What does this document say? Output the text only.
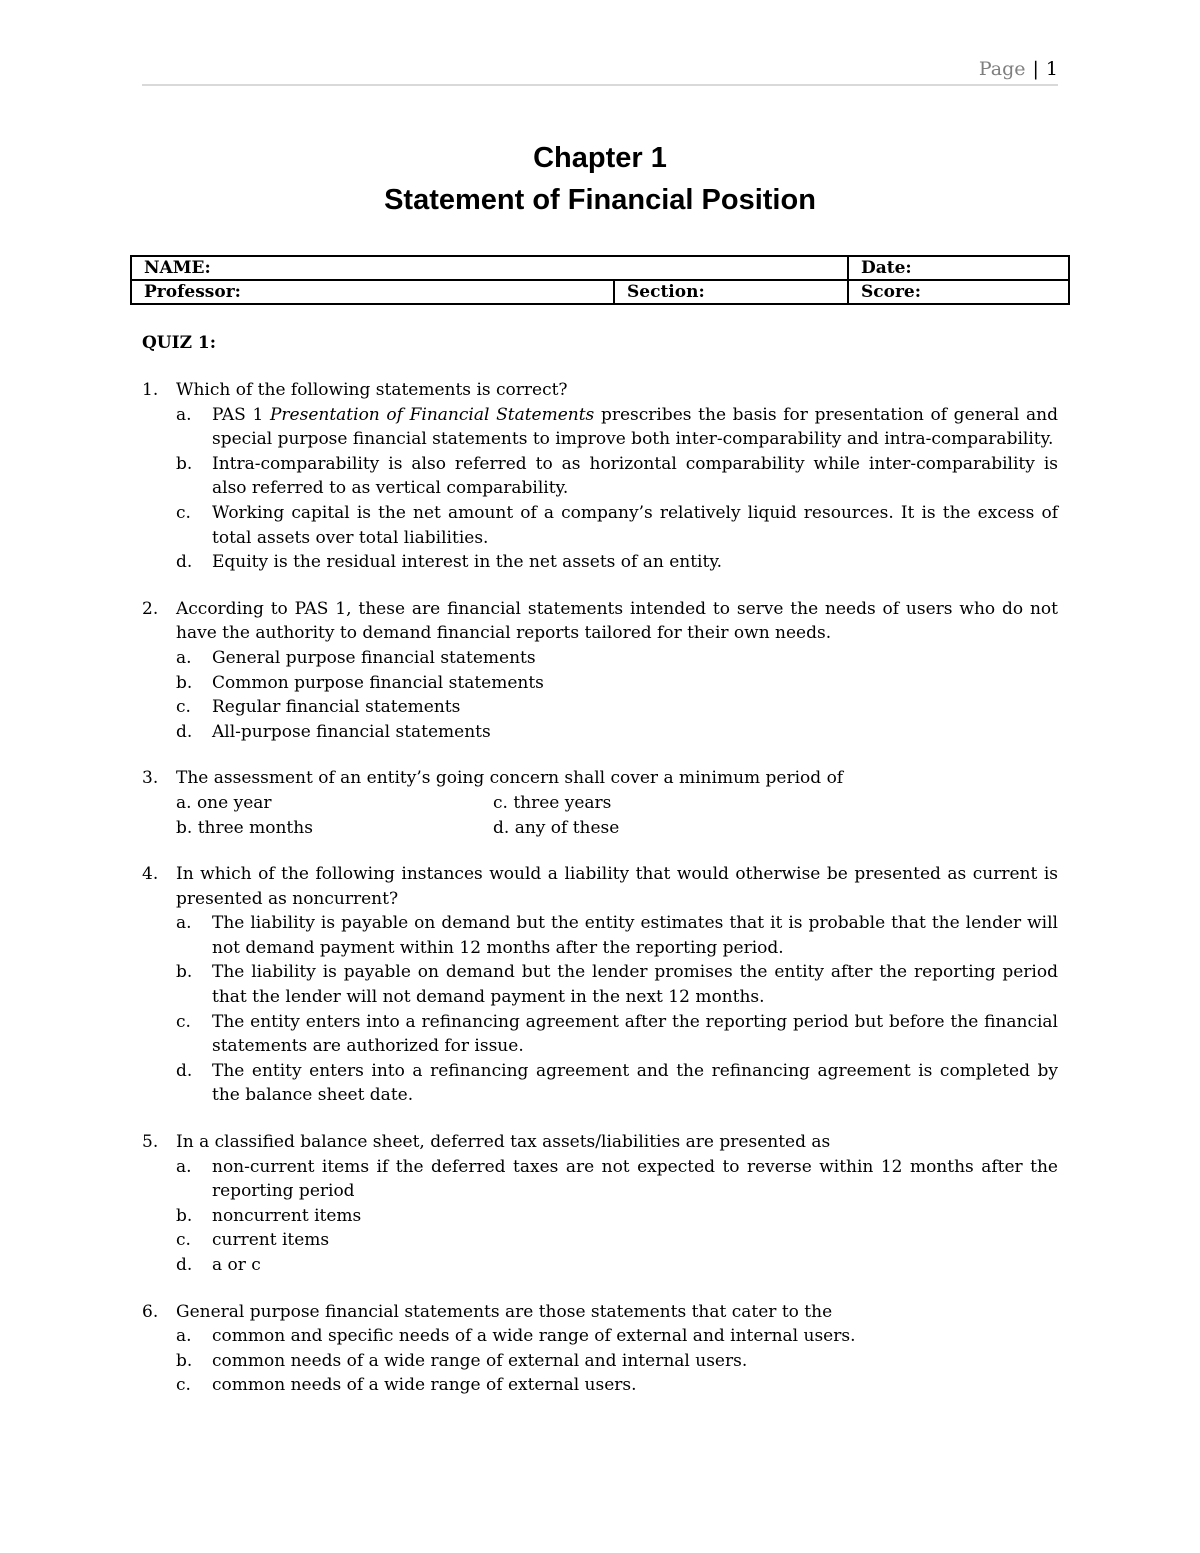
Page | 1
Chapter 1
Statement of Financial Position
NAME:		Date:
Professor:	Section:	Score:
QUIZ 1:
1. Which of the following statements is correct?
a. PAS 1 Presentation of Financial Statements prescribes the basis for presentation of general and special purpose financial statements to improve both inter-comparability and intra-comparability.
b. Intra-comparability is also referred to as horizontal comparability while inter-comparability is also referred to as vertical comparability.
c. Working capital is the net amount of a company’s relatively liquid resources. It is the excess of total assets over total liabilities.
d. Equity is the residual interest in the net assets of an entity.
2. According to PAS 1, these are financial statements intended to serve the needs of users who do not have the authority to demand financial reports tailored for their own needs.
a. General purpose financial statements
b. Common purpose financial statements
c. Regular financial statements
d. All-purpose financial statements
3. The assessment of an entity’s going concern shall cover a minimum period of
a. one year	c. three years
b. three months	d. any of these
4. In which of the following instances would a liability that would otherwise be presented as current is presented as noncurrent?
a. The liability is payable on demand but the entity estimates that it is probable that the lender will not demand payment within 12 months after the reporting period.
b. The liability is payable on demand but the lender promises the entity after the reporting period that the lender will not demand payment in the next 12 months.
c. The entity enters into a refinancing agreement after the reporting period but before the financial statements are authorized for issue.
d. The entity enters into a refinancing agreement and the refinancing agreement is completed by the balance sheet date.
5. In a classified balance sheet, deferred tax assets/liabilities are presented as
a. non-current items if the deferred taxes are not expected to reverse within 12 months after the reporting period
b. noncurrent items
c. current items
d. a or c
6. General purpose financial statements are those statements that cater to the
a. common and specific needs of a wide range of external and internal users.
b. common needs of a wide range of external and internal users.
c. common needs of a wide range of external users.
